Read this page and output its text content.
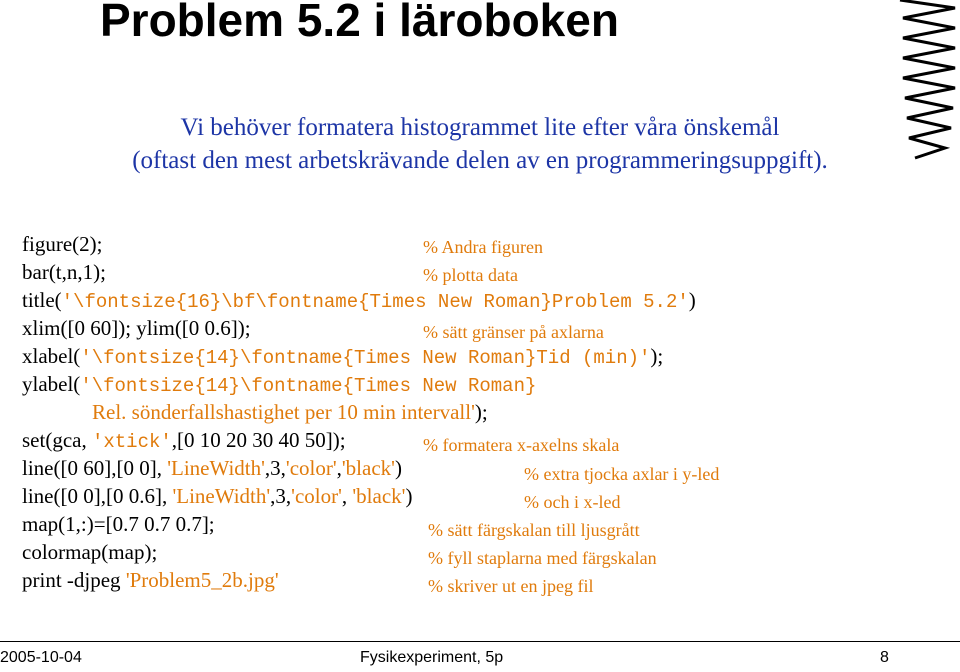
Problem 5.2 i läroboken
Vi behöver formatera histogrammet lite efter våra önskemål
(oftast den mest arbetskrävande delen av en programmeringsuppgift).
figure(2);	% Andra figuren
bar(t,n,1);	% plotta data
title('\fontsize{16}\bf\fontname{Times New Roman}Problem 5.2')
xlim([0 60]); ylim([0 0.6]);	% sätt gränser på axlarna
xlabel('\fontsize{14}\fontname{Times New Roman}Tid (min)');
ylabel('\fontsize{14}\fontname{Times New Roman}
Rel. sönderfallshastighet per 10 min intervall');
set(gca, 'xtick',[0 10 20 30 40 50]);	% formatera x-axelns skala
line([0 60],[0 0], 'LineWidth',3,'color','black')	% extra tjocka axlar i y-led
line([0 0],[0 0.6], 'LineWidth',3,'color', 'black')	% och i x-led
map(1,:)=[0.7 0.7 0.7];	% sätt färgskalan till ljusgrått
colormap(map);	% fyll staplarna med färgskalan
print -djpeg 'Problem5_2b.jpg'	% skriver ut en jpeg fil
2005-10-04	Fysikexperiment, 5p	8
